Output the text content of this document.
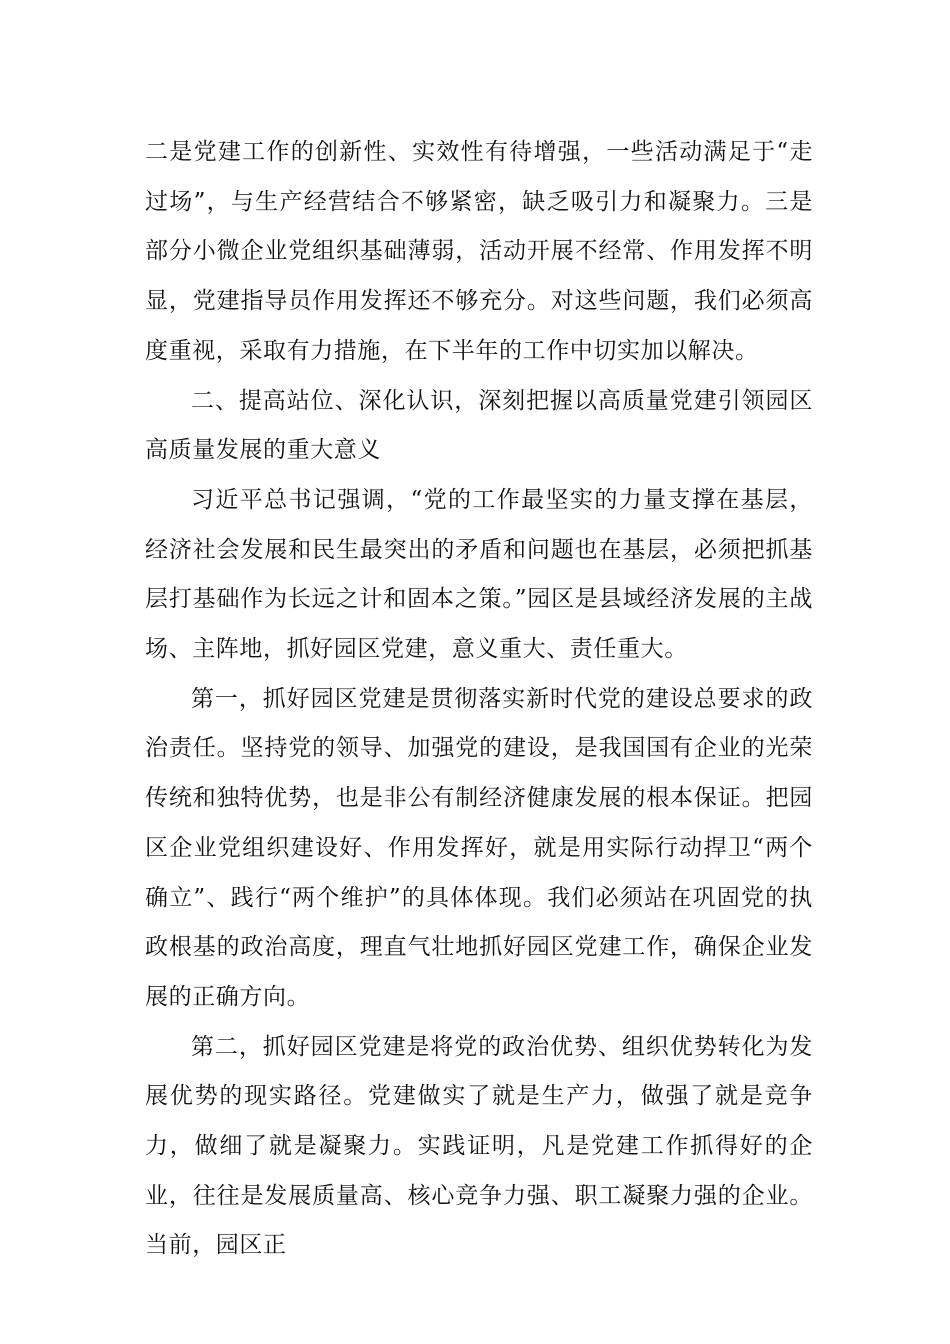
二是党建工作的创新性、实效性有待增强，一些活动满足于“走过场”，与生产经营结合不够紧密，缺乏吸引力和凝聚力。三是部分小微企业党组织基础薄弱，活动开展不经常、作用发挥不明显，党建指导员作用发挥还不够充分。对这些问题，我们必须高度重视，采取有力措施，在下半年的工作中切实加以解决。

二、提高站位、深化认识，深刻把握以高质量党建引领园区高质量发展的重大意义

习近平总书记强调，“党的工作最坚实的力量支撑在基层，经济社会发展和民生最突出的矛盾和问题也在基层，必须把抓基层打基础作为长远之计和固本之策。”园区是县域经济发展的主战场、主阵地，抓好园区党建，意义重大、责任重大。

第一，抓好园区党建是贯彻落实新时代党的建设总要求的政治责任。坚持党的领导、加强党的建设，是我国国有企业的光荣传统和独特优势，也是非公有制经济健康发展的根本保证。把园区企业党组织建设好、作用发挥好，就是用实际行动捍卫“两个确立”、践行“两个维护”的具体体现。我们必须站在巩固党的执政根基的政治高度，理直气壮地抓好园区党建工作，确保企业发展的正确方向。

第二，抓好园区党建是将党的政治优势、组织优势转化为发展优势的现实路径。党建做实了就是生产力，做强了就是竞争力，做细了就是凝聚力。实践证明，凡是党建工作抓得好的企业，往往是发展质量高、核心竞争力强、职工凝聚力强的企业。当前，园区正
